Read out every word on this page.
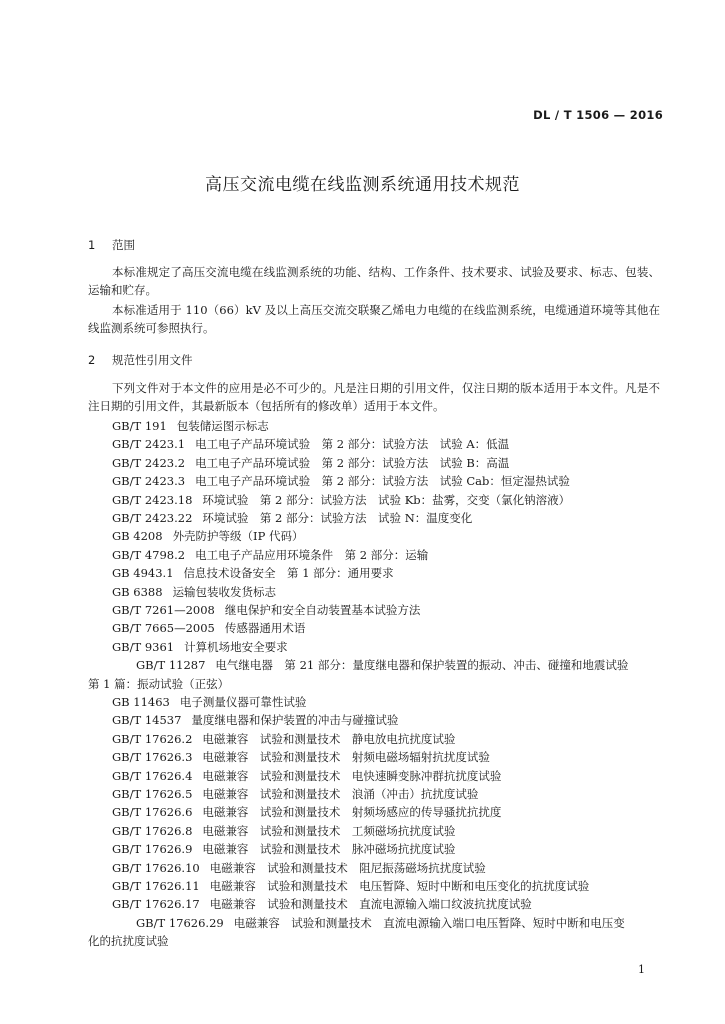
DL / T 1506 — 2016
高压交流电缆在线监测系统通用技术规范
1 范围

本标准规定了高压交流电缆在线监测系统的功能、结构、工作条件、技术要求、试验及要求、标志、包装、运输和贮存。

本标准适用于 110（66）kV 及以上高压交流交联聚乙烯电力电缆的在线监测系统，电缆通道环境等其他在线监测系统可参照执行。

2 规范性引用文件

下列文件对于本文件的应用是必不可少的。凡是注日期的引用文件，仅注日期的版本适用于本文件。凡是不注日期的引用文件，其最新版本（包括所有的修改单）适用于本文件。

GB/T 191 包装储运图示标志
GB/T 2423.1 电工电子产品环境试验　第 2 部分：试验方法　试验 A：低温
GB/T 2423.2 电工电子产品环境试验　第 2 部分：试验方法　试验 B：高温
GB/T 2423.3 电工电子产品环境试验　第 2 部分：试验方法　试验 Cab：恒定湿热试验
GB/T 2423.18 环境试验　第 2 部分：试验方法　试验 Kb：盐雾，交变（氯化钠溶液）
GB/T 2423.22 环境试验　第 2 部分：试验方法　试验 N：温度变化
GB 4208 外壳防护等级（IP 代码）
GB/T 4798.2 电工电子产品应用环境条件　第 2 部分：运输
GB 4943.1 信息技术设备安全　第 1 部分：通用要求
GB 6388 运输包装收发货标志
GB/T 7261—2008 继电保护和安全自动装置基本试验方法
GB/T 7665—2005 传感器通用术语
GB/T 9361 计算机场地安全要求
GB/T 11287 电气继电器　第 21 部分：量度继电器和保护装置的振动、冲击、碰撞和地震试验　第 1 篇：振动试验（正弦）
GB 11463 电子测量仪器可靠性试验
GB/T 14537 量度继电器和保护装置的冲击与碰撞试验
GB/T 17626.2 电磁兼容　试验和测量技术　静电放电抗扰度试验
GB/T 17626.3 电磁兼容　试验和测量技术　射频电磁场辐射抗扰度试验
GB/T 17626.4 电磁兼容　试验和测量技术　电快速瞬变脉冲群抗扰度试验
GB/T 17626.5 电磁兼容　试验和测量技术　浪涌（冲击）抗扰度试验
GB/T 17626.6 电磁兼容　试验和测量技术　射频场感应的传导骚扰抗扰度
GB/T 17626.8 电磁兼容　试验和测量技术　工频磁场抗扰度试验
GB/T 17626.9 电磁兼容　试验和测量技术　脉冲磁场抗扰度试验
GB/T 17626.10 电磁兼容　试验和测量技术　阻尼振荡磁场抗扰度试验
GB/T 17626.11 电磁兼容　试验和测量技术　电压暂降、短时中断和电压变化的抗扰度试验
GB/T 17626.17 电磁兼容　试验和测量技术　直流电源输入端口纹波抗扰度试验
GB/T 17626.29 电磁兼容　试验和测量技术　直流电源输入端口电压暂降、短时中断和电压变化的抗扰度试验
1
